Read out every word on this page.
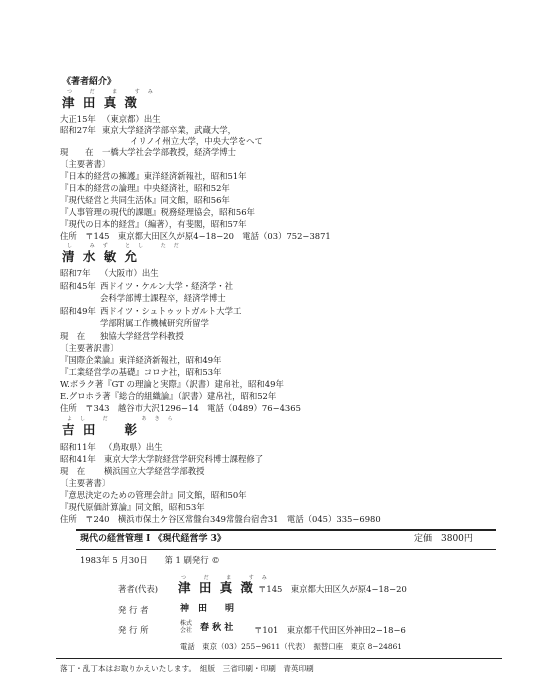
《著者紹介》
つ だ ま すみ
津 田 真 澂
大正15年 （東京都）出生
昭和27年 東京大学経済学部卒業，武蔵大学，
イリノイ州立大学，中央大学をへて
現　　在 一橋大学社会学部教授，経済学博士
〔主要著書〕
『日本的経営の擁護』東洋経済新報社，昭和51年
『日本的経営の論理』中央経済社，昭和52年
『現代経営と共同生活体』同文館，昭和56年
『人事管理の現代的課題』税務経理協会，昭和56年
『現代の日本的経営』（編著），有斐閣，昭和57年
住所　〒145　東京都大田区久が原4−18−20　電話（03）752−3871
し みず とし ただ
清 水 敏 允
昭和7年 （大阪市）出生
昭和45年 西ドイツ・ケルン大学・経済学・社
会科学部博士課程卒，経済学博士
昭和49年 西ドイツ・シュトゥットガルト大学工
学部附属工作機械研究所留学
現　在 独協大学経営学科教授
〔主要著訳書〕
『国際企業論』東洋経済新報社，昭和49年
『工業経営学の基礎』コロナ社，昭和53年
W.ボラク著『GT の理論と実際』（訳書）建帛社，昭和49年
E.グロホラ著『総合的組織論』（訳書）建帛社，昭和52年
住所　〒343　越谷市大沢1296−14　電話（0489）76−4365
よし だ　　あきら
吉 田 　 彰
昭和11年 （鳥取県）出生
昭和41年 東京大学大学院経営学研究科博士課程修了
現　在 横浜国立大学経営学部教授
〔主要著書〕
『意思決定のための管理会計』同文館，昭和50年
『現代原価計算論』同文館，昭和53年
住所　〒240　横浜市保土ケ谷区常盤台349常盤台宿舎31　電話（045）335−6980
現代の経営管理 I 《現代経営学 3》	定価　3800円
1983年 5 月30日　　第 1 刷発行 ©
つ だ ま すみ
著者(代表) 津 田 真 澂 〒145　東京都大田区久が原4−18−20
発 行 者	神　田　　明
発 行 所
株式
会社 春 秋 社 〒101　東京都千代田区外神田2−18−6
電話　東京（03）255−9611（代表）　振替口座　東京 8−24861
落丁・乱丁本はお取りかえいたします。　組版　三省印刷・印刷　青英印刷
